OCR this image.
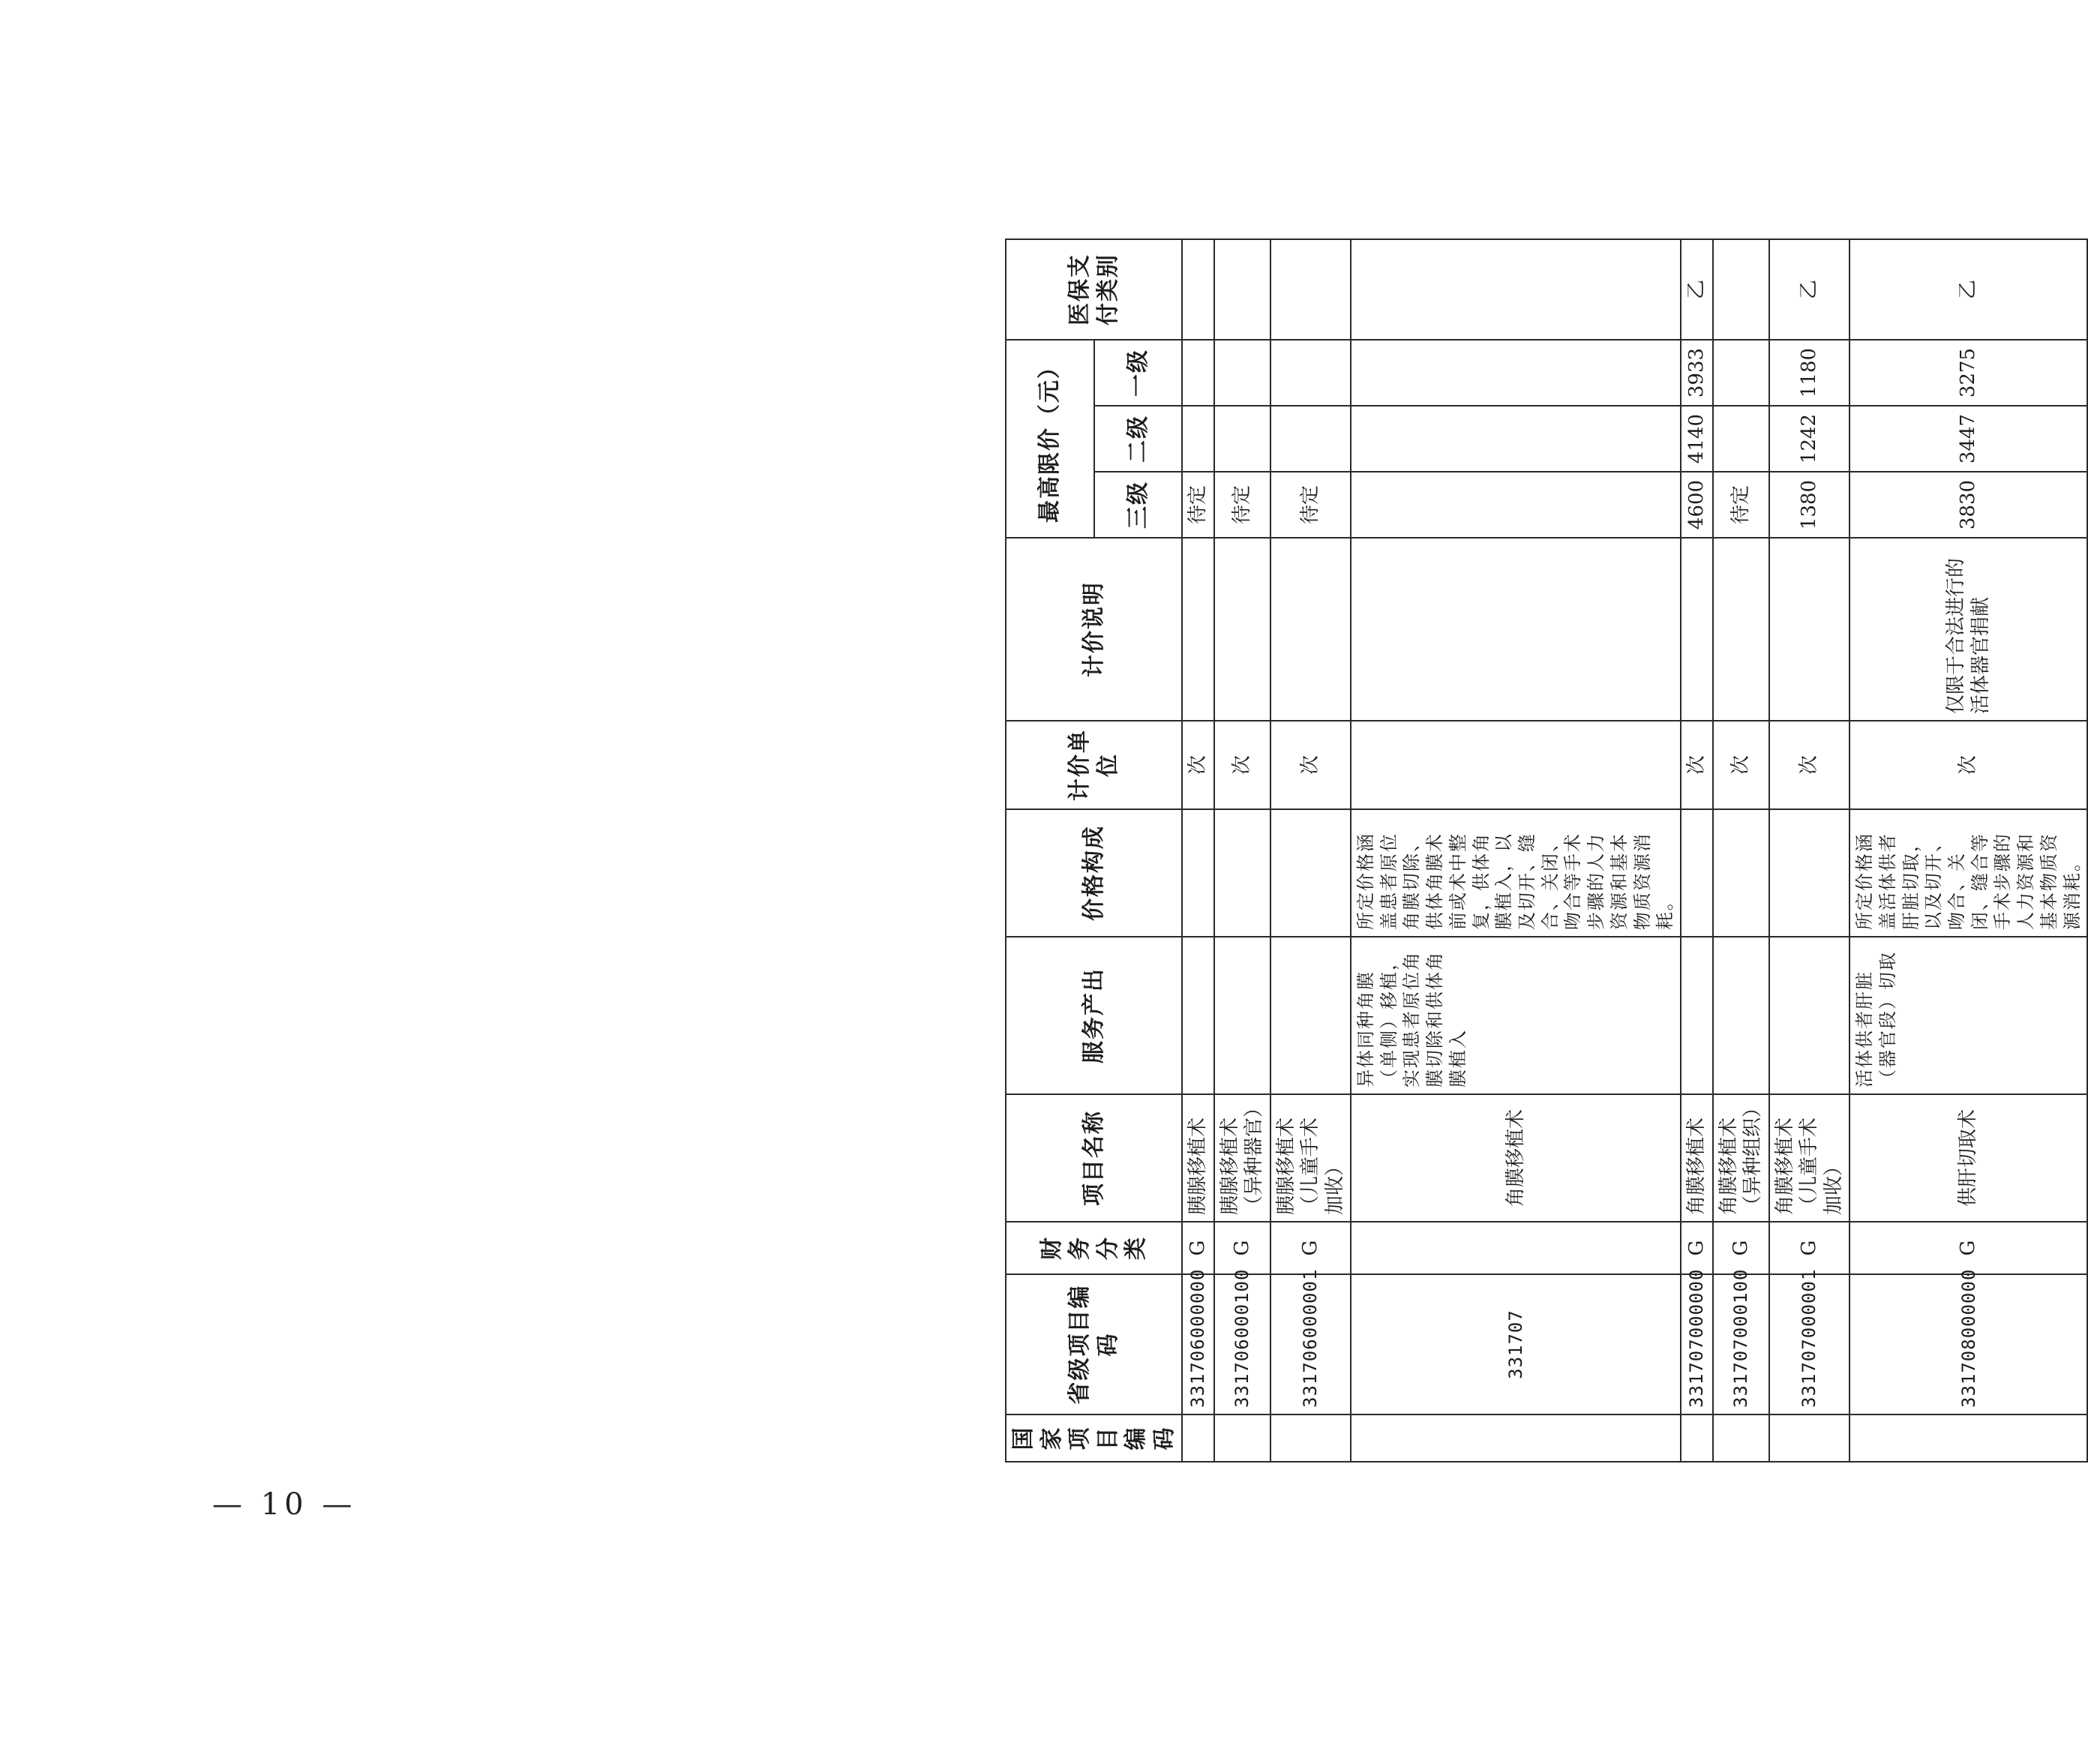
国家项目编码	省级项目编码	财务分类	项目名称	服务产出	价格构成	计价单位	计价说明	最高限价（元）			医保支付类别
								三级	二级	一级	
	331706000000	G	胰腺移植术			次		待定			
	331706000100	G	胰腺移植术（异种器官）			次		待定			
	331706000001	G	胰腺移植术（儿童手术加收）			次		待定			
	331707		角膜移植术	异体同种角膜（单侧）移植，实现患者原位角膜切除和供体角膜植入	所定价格涵盖患者原位角膜切除、供体角膜术前或术中整复，供体角膜植入，以及切开、缝合、关闭、吻合等手术步骤的人力资源和基本物质资源消耗。						
	331707000000	G	角膜移植术			次		4600	4140	3933	乙
	331707000100	G	角膜移植术（异种组织）			次		待定			
	331707000001	G	角膜移植术（儿童手术加收）			次		1380	1242	1180	乙
	331708000000	G	供肝切取术	活体供者肝脏（器官段）切取	所定价格涵盖活体供者肝脏切取，以及切开、吻合、关闭、缝合等手术步骤的人力资源和基本物质资源消耗。	次	仅限于合法进行的活体器官捐献	3830	3447	3275	乙
— 10 —
